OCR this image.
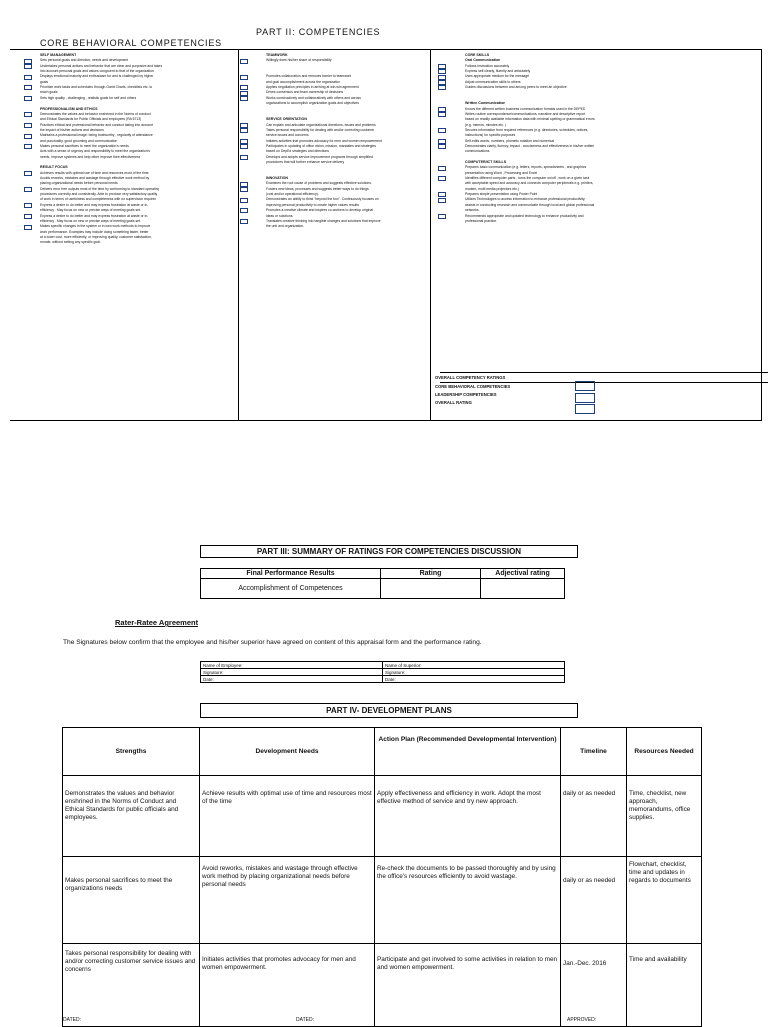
PART II: COMPETENCIES
CORE BEHAVIORAL COMPETENCIES
SELF MANAGEMENT
Sets personal goals and direction, needs and development
Undertakes personal actions and behavior that are clear and purposive and takes
into account personal goals and values congruent to that of the organization
Displays emotional maturity and enthusiasm for and is challenged by higher
goals
Prioritize work tasks and schedules through Gantt Charts, checklists etc. to
reach goals
Sets high quality , challenging , realistic goals for self and others
PROFESSIONALISM AND ETHICS
Demonstrates the values and behavior enshrined in the Norms of conduct
and Ethical Standards for Public Officials and employees (RA 6713)
Practices ethical and professional behavior and conduct taking into account
the impact of his/her actions and decisions
Maintains a professional image: being trustworthy , regularity of attendance
and punctuality, good grooming and communication
Makes personal sacrifices to meet the organization's needs
Acts with a sense of urgency and responsibility to meet the organization's
needs, improve systems and help other improve their effectiveness
RESULT FOCUS
Achieves results with optimal use of time and resources most of the time.
Avoids reworks, mistakes and wastage through effective work method by
placing organizational needs before personal needs
Delivers error free outputs most of the time by conforming to standard operating
procedures correctly and consistently. Able to produce very satisfactory quality
of work in terms of usefulness and completeness with no supervision required
Express a desire to do better and may express frustration at waste or in-
efficiency . May focus on new or precise ways of meeting goals set.
Express a desire to do better and may express frustration at waste or in-
efficiency . May focus on new or precise ways of meeting goals set.
Makes specific changes in the system or in own work methods to improve
work performance. Examples may include doing something faster, better
at a lower cost, more efficiently, or improving quality, customer satisfaction,
morale, without setting any specific goal.
TEAMWORK
Willingly does his/her share of responsibility
Promotes collaboration and removes barrier to teamwork
and goal accomplishment across the organization
Applies negotiation principles in arriving at win-win agreement
Drives consensus and team ownership of decisions
Works constructively and collaboratively with others and across
organizations to accomplish organization goals and objectives
SERVICE ORIENTATION
Can explain and articulate organizational directions, issues and problems
Takes personal responsibility for dealing with and/or correcting customer
service issues and concerns
Initiates activities that promotes advocacy for men and women empowerment
Participates in updating of office vision, mission, mandates and strategies
based on DepEd strategies and directions
Develops and adopts service improvement programs through simplified
procedures that will further enhance service delivery
INNOVATION
Examines the root cause of problems and suggests effective solutions.
Fosters new ideas, processes and suggests better ways to do things
(cost and/or operational efficiency).
Demonstrates an ability to think "beyond the box". Continuously focuses on
improving personal productivity to create higher values results
Promotes a creative climate and inspires co-workers to develop original
ideas or solutions.
Translates creative thinking into tangible changes and solutions that improve
the unit and organization.
CORE SKILLS
Oral Communication
Follows instruction accurately
Express self clearly, fluently and articulately
Uses appropriate medium for the message
Adjust communication skills to others
Guides discussions between and among peers to meet an objective
Written Communication
Knows the different written business communication formats used in the DEPED
Writes routine correspondence/communications, narrative and descriptive report
based on readily available information data with minimal spelling or grammatical errors
(e.g. memos, minutes etc. )
Secures information from required references (e.g. directories, schedules, notices,
instructions) for specific purposes
Self-edits words, numbers, phonetic notation and numerical
Demonstrates clarity, fluency, impact , conciseness and effectiveness in his/her written
communications
COMPUTER/ICT SKILLS
Prepares basic communication (e.g. letters, reports, spreadsheets , and graphics
presentation using Word , Processing and Excel
Identifies different computer parts , turns the computer on/off , work on a given task
with acceptable speed and accuracy and connects computer peripherals e.g. printers,
modem, multi media projectors etc.)
Prepares simple presentation using Power Point
Utilizes Technologies to access information to enhance professional productivity,
assists in conducting research and communicate through local and global professional
networks.
Recommends appropriate and updated technology to enhance productivity and
professional practice.
OVERALL COMPETENCY RATINGS
CORE BEHAVIORAL COMPETENCIES
LEADERSHIP COMPETENCIES
OVERALL RATING
PART III: SUMMARY OF RATINGS FOR COMPETENCIES DISCUSSION
Final Performance Results	Rating	Adjectival rating
Accomplishment of Competences		
Rater-Ratee Agreement
The Signatures below confirm that the employee and his/her superior have agreed on content of this appraisal form and the performance rating.
Name of Employee:	Name of Superior:
Signature:	Signature:
Date:	Date:
PART IV- DEVELOPMENT PLANS
Strengths	Development Needs	Action Plan (Recommended Developmental Intervention)	Timeline	Resources Needed
Demonstrates the values and behavior enshrined in the Norms of Conduct and Ethical Standards for public officials and employees.	Achieve results with optimal use of time and resources most of the time	Apply effectiveness and efficiency in work. Adopt the most effective method of service and try new approach.	daily or as needed	Time, checklist, new approach, memorandums, office supplies.
Makes personal sacrifices to meet the organizations needs	Avoid reworks, mistakes and wastage through effective work method by placing organizational needs before personal needs	Re-check the documents to be passed thoroughly and by using the office's resources efficiently to avoid wastage.	daily or as needed	Flowchart, checklist, time and updates in regards to documents
Takes personal responsibility for dealing with and/or correcting customer service issues and concerns	Initiates activities that promotes advocacy for men and women empowerment.	Participate and get involved to some activities in relation to men and women empowerment.	Jan.-Dec. 2016	Time and availability
DATED:	DATED:	APPROVED:
